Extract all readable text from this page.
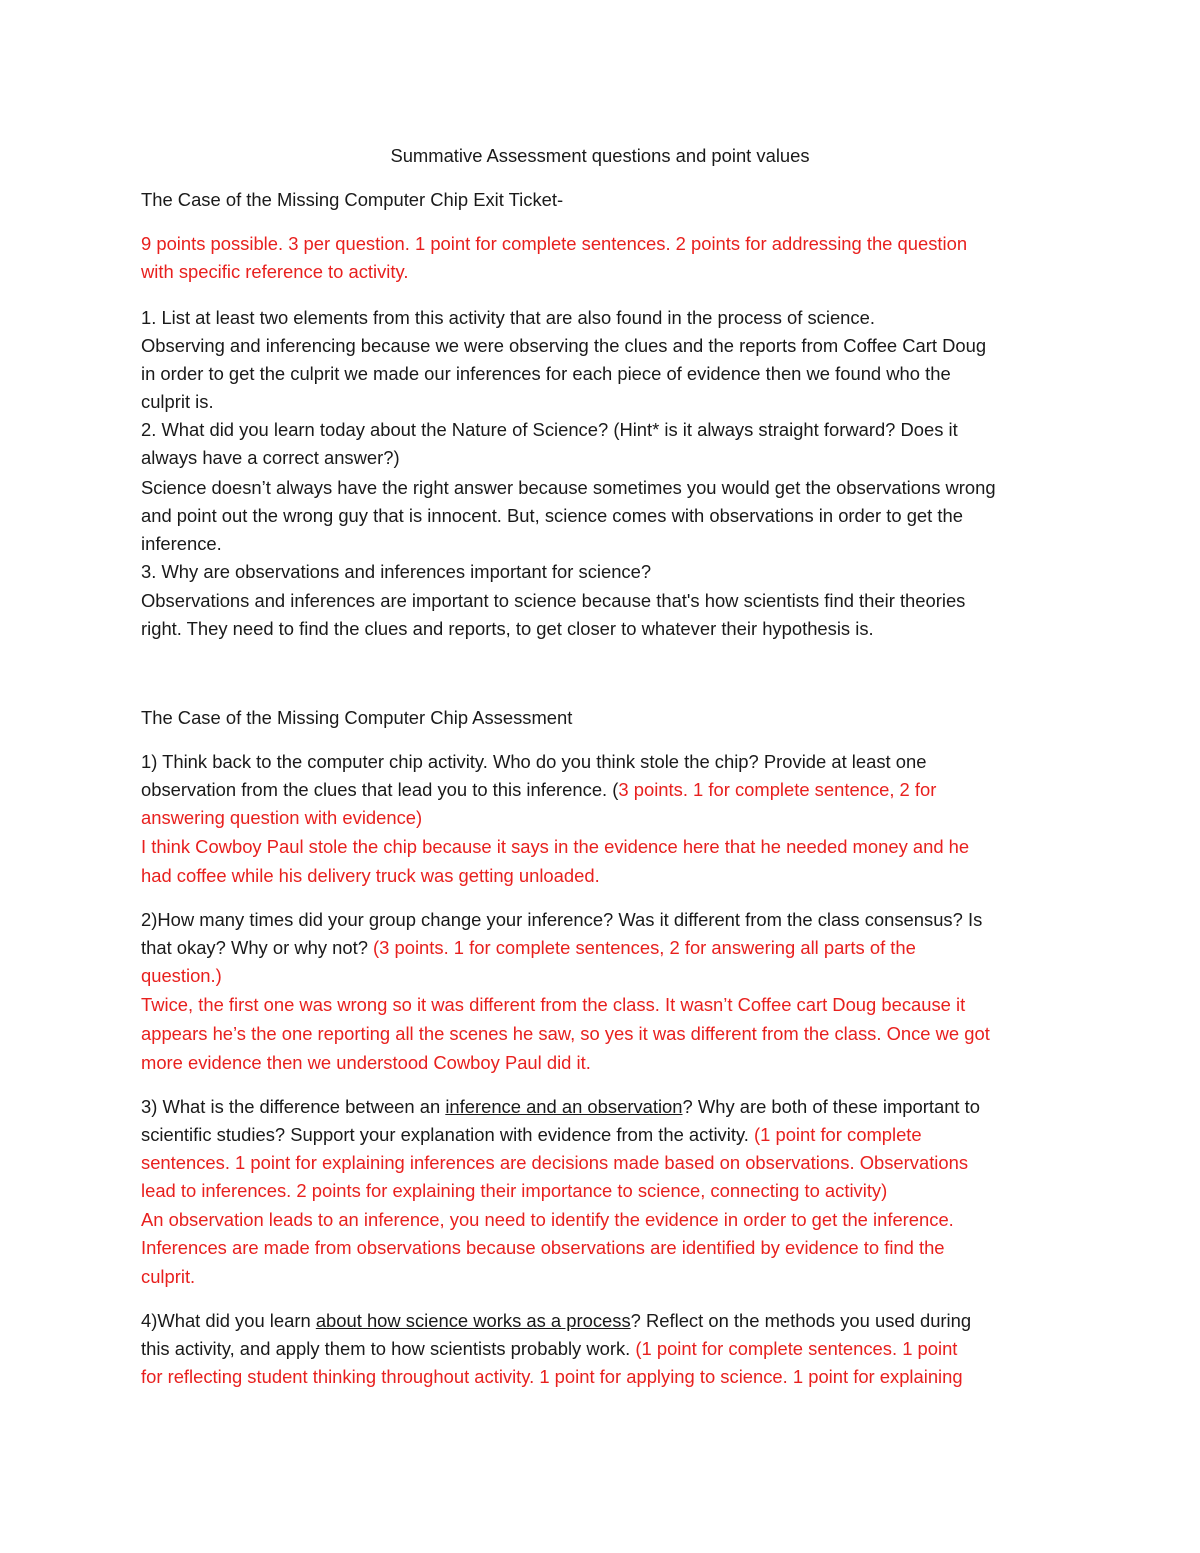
Summative Assessment questions and point values
The Case of the Missing Computer Chip Exit Ticket-
9 points possible. 3 per question. 1 point for complete sentences. 2 points for addressing the question
with specific reference to activity.
1. List at least two elements from this activity that are also found in the process of science.
Observing and inferencing because we were observing the clues and the reports from Coffee Cart Doug
in order to get the culprit we made our inferences for each piece of evidence then we found who the
culprit is.
2. What did you learn today about the Nature of Science? (Hint* is it always straight forward? Does it
always have a correct answer?)
Science doesn’t always have the right answer because sometimes you would get the observations wrong
and point out the wrong guy that is innocent. But, science comes with observations in order to get the
inference.
3. Why are observations and inferences important for science?
Observations and inferences are important to science because that's how scientists find their theories
right. They need to find the clues and reports, to get closer to whatever their hypothesis is.
The Case of the Missing Computer Chip Assessment
1) Think back to the computer chip activity. Who do you think stole the chip? Provide at least one
observation from the clues that lead you to this inference. (3 points. 1 for complete sentence, 2 for
answering question with evidence)
I think Cowboy Paul stole the chip because it says in the evidence here that he needed money and he
had coffee while his delivery truck was getting unloaded.
2)How many times did your group change your inference? Was it different from the class consensus? Is
that okay? Why or why not? (3 points. 1 for complete sentences, 2 for answering all parts of the
question.)
Twice, the first one was wrong so it was different from the class. It wasn’t Coffee cart Doug because it
appears he’s the one reporting all the scenes he saw, so yes it was different from the class. Once we got
more evidence then we understood Cowboy Paul did it.
3) What is the difference between an inference and an observation? Why are both of these important to
scientific studies? Support your explanation with evidence from the activity. (1 point for complete
sentences. 1 point for explaining inferences are decisions made based on observations. Observations
lead to inferences. 2 points for explaining their importance to science, connecting to activity)
An observation leads to an inference, you need to identify the evidence in order to get the inference.
Inferences are made from observations because observations are identified by evidence to find the
culprit.
4)What did you learn about how science works as a process? Reflect on the methods you used during
this activity, and apply them to how scientists probably work. (1 point for complete sentences. 1 point
for reflecting student thinking throughout activity. 1 point for applying to science. 1 point for explaining
